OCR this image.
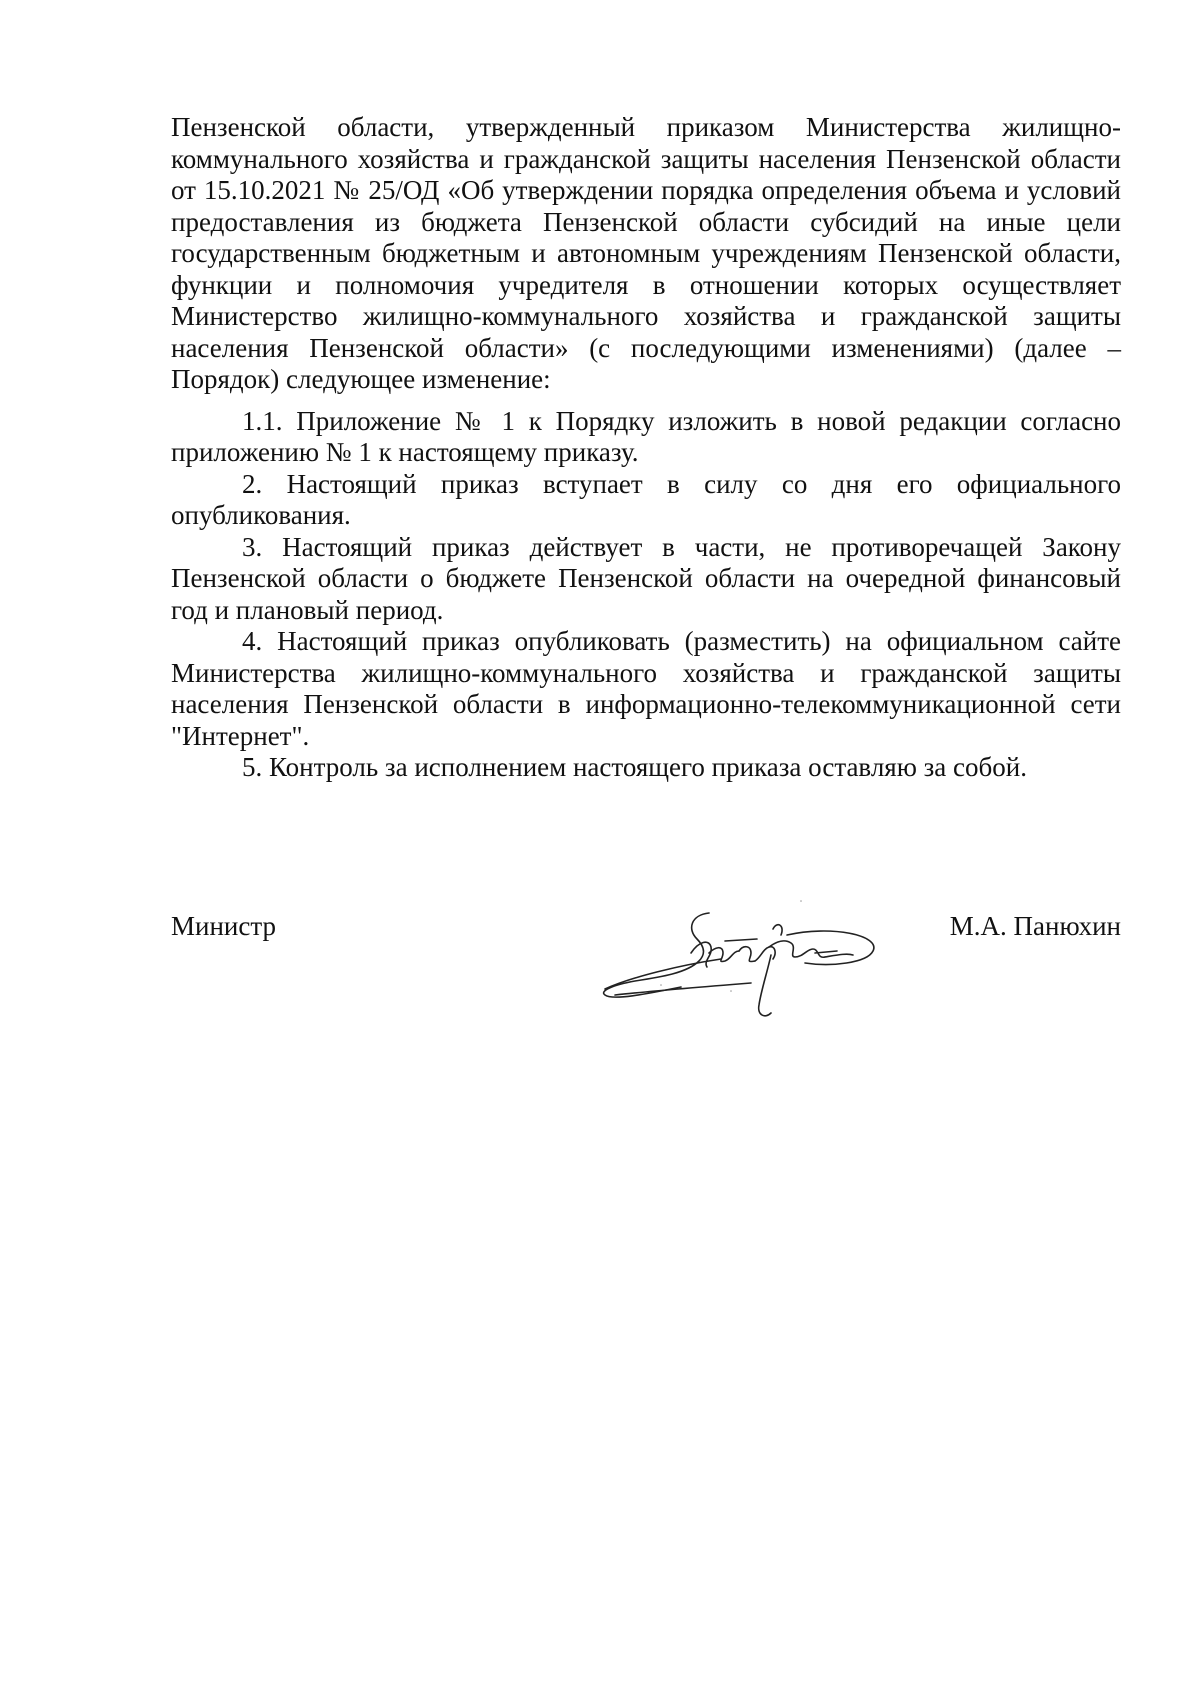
Пензенской области, утвержденный приказом Министерства жилищно-коммунального хозяйства и гражданской защиты населения Пензенской области от 15.10.2021 № 25/ОД «Об утверждении порядка определения объема и условий предоставления из бюджета Пензенской области субсидий на иные цели государственным бюджетным и автономным учреждениям Пензенской области, функции и полномочия учредителя в отношении которых осуществляет Министерство жилищно-коммунального хозяйства и гражданской защиты населения Пензенской области» (с последующими изменениями) (далее – Порядок) следующее изменение:

1.1. Приложение № 1 к Порядку изложить в новой редакции согласно приложению № 1 к настоящему приказу.

2. Настоящий приказ вступает в силу со дня его официального опубликования.

3. Настоящий приказ действует в части, не противоречащей Закону Пензенской области о бюджете Пензенской области на очередной финансовый год и плановый период.

4. Настоящий приказ опубликовать (разместить) на официальном сайте Министерства жилищно-коммунального хозяйства и гражданской защиты населения Пензенской области в информационно-телекоммуникационной сети "Интернет".

5. Контроль за исполнением настоящего приказа оставляю за собой.

Министр	М.А. Панюхин
